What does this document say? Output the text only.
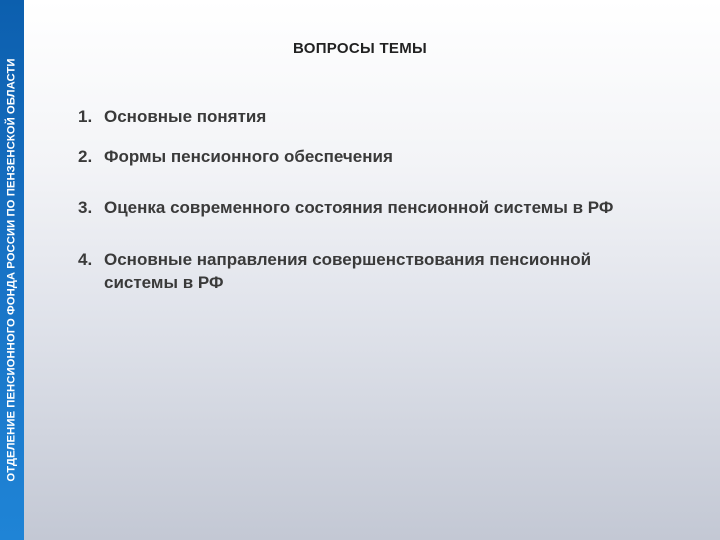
ОТДЕЛЕНИЕ ПЕНСИОННОГО ФОНДА РОССИИ ПО ПЕНЗЕНСКОЙ ОБЛАСТИ
ВОПРОСЫ ТЕМЫ
1. Основные понятия
2. Формы пенсионного обеспечения
3. Оценка современного состояния пенсионной системы в РФ
4. Основные направления совершенствования пенсионной
системы в РФ
